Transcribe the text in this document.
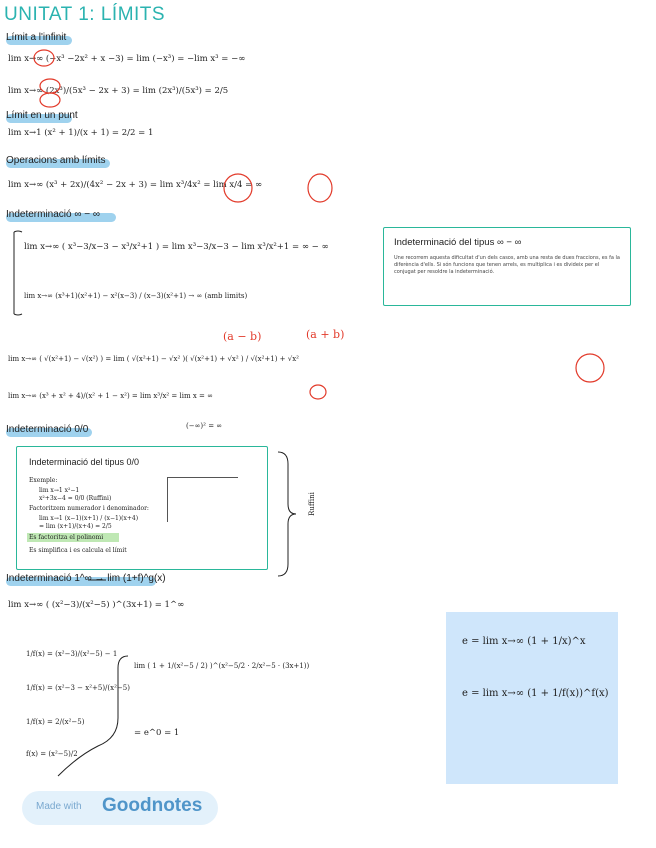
UNITAT 1: LÍMITS
Límit a l'infinit
lim x→∞ (−x³ −2x² + x −3) = lim (−x³) = −lim x³ = −∞
lim x→∞ (2x³)/(5x³ − 2x + 3) = lim (2x³)/(5x³) = 2/5
Límit en un punt
lim x→1 (x² + 1)/(x + 1) = 2/2 = 1
Operacions amb límits
lim x→∞ (x³ + 2x)/(4x² − 2x + 3) = lim x³/4x² = lim x/4 = ∞
Indeterminació ∞ − ∞
lim x→∞ ( x³−3/x−3 − x³/x²+1 ) = lim x³−3/x−3 − lim x³/x²+1 = ∞ − ∞
lim x→∞ (x³+1)(x²+1) − x²(x−3) / (x−3)(x²+1) → ∞ (amb limits)
Indeterminació del tipus ∞ − ∞
Une recorrem aquesta dificultat d'un dels casos, amb una resta de dues fraccions, es fa la diferència d'ells. Si són funcions que tenen arrels, es multiplica i es divideix per el conjugat per resoldre la indeterminació.
(a − b)	(a + b)
lim x→∞ ( √(x²+1) − √(x²) ) = lim ( √(x²+1) − √x² )( √(x²+1) + √x² ) / √(x²+1) + √x²
lim x→∞ (x³ + x² + 4)/(x² + 1 − x²) = lim x³/x² = lim x = ∞
(−∞)² = ∞
Indeterminació 0/0
Indeterminació del tipus 0/0
Exemple:
lim x→1 x²−1
x²+3x−4 = 0/0 (Ruffini)
Factoritzem numerador i denominador:
lim x→1 (x−1)(x+1) / (x−1)(x+4)
= lim (x+1)/(x+4) = 2/5
Es factoritza el polinomi
Es simplifica i es calcula el límit
Ruffini
Indeterminació 1^∞ → lim (1+f)^g(x)
lim x→∞ ( (x²−3)/(x²−5) )^(3x+1) = 1^∞
lim ( 1 + 1/(x²−5 / 2) )^(x²−5/2 · 2/x²−5 · (3x+1))
= e^0 = 1
1/f(x) = (x²−3)/(x²−5) − 1
1/f(x) = (x²−3 − x²+5)/(x²−5)
1/f(x) = 2/(x²−5)
f(x) = (x²−5)/2
e = lim x→∞ (1 + 1/x)^x
e = lim x→∞ (1 + 1/f(x))^f(x)
Made with Goodnotes
